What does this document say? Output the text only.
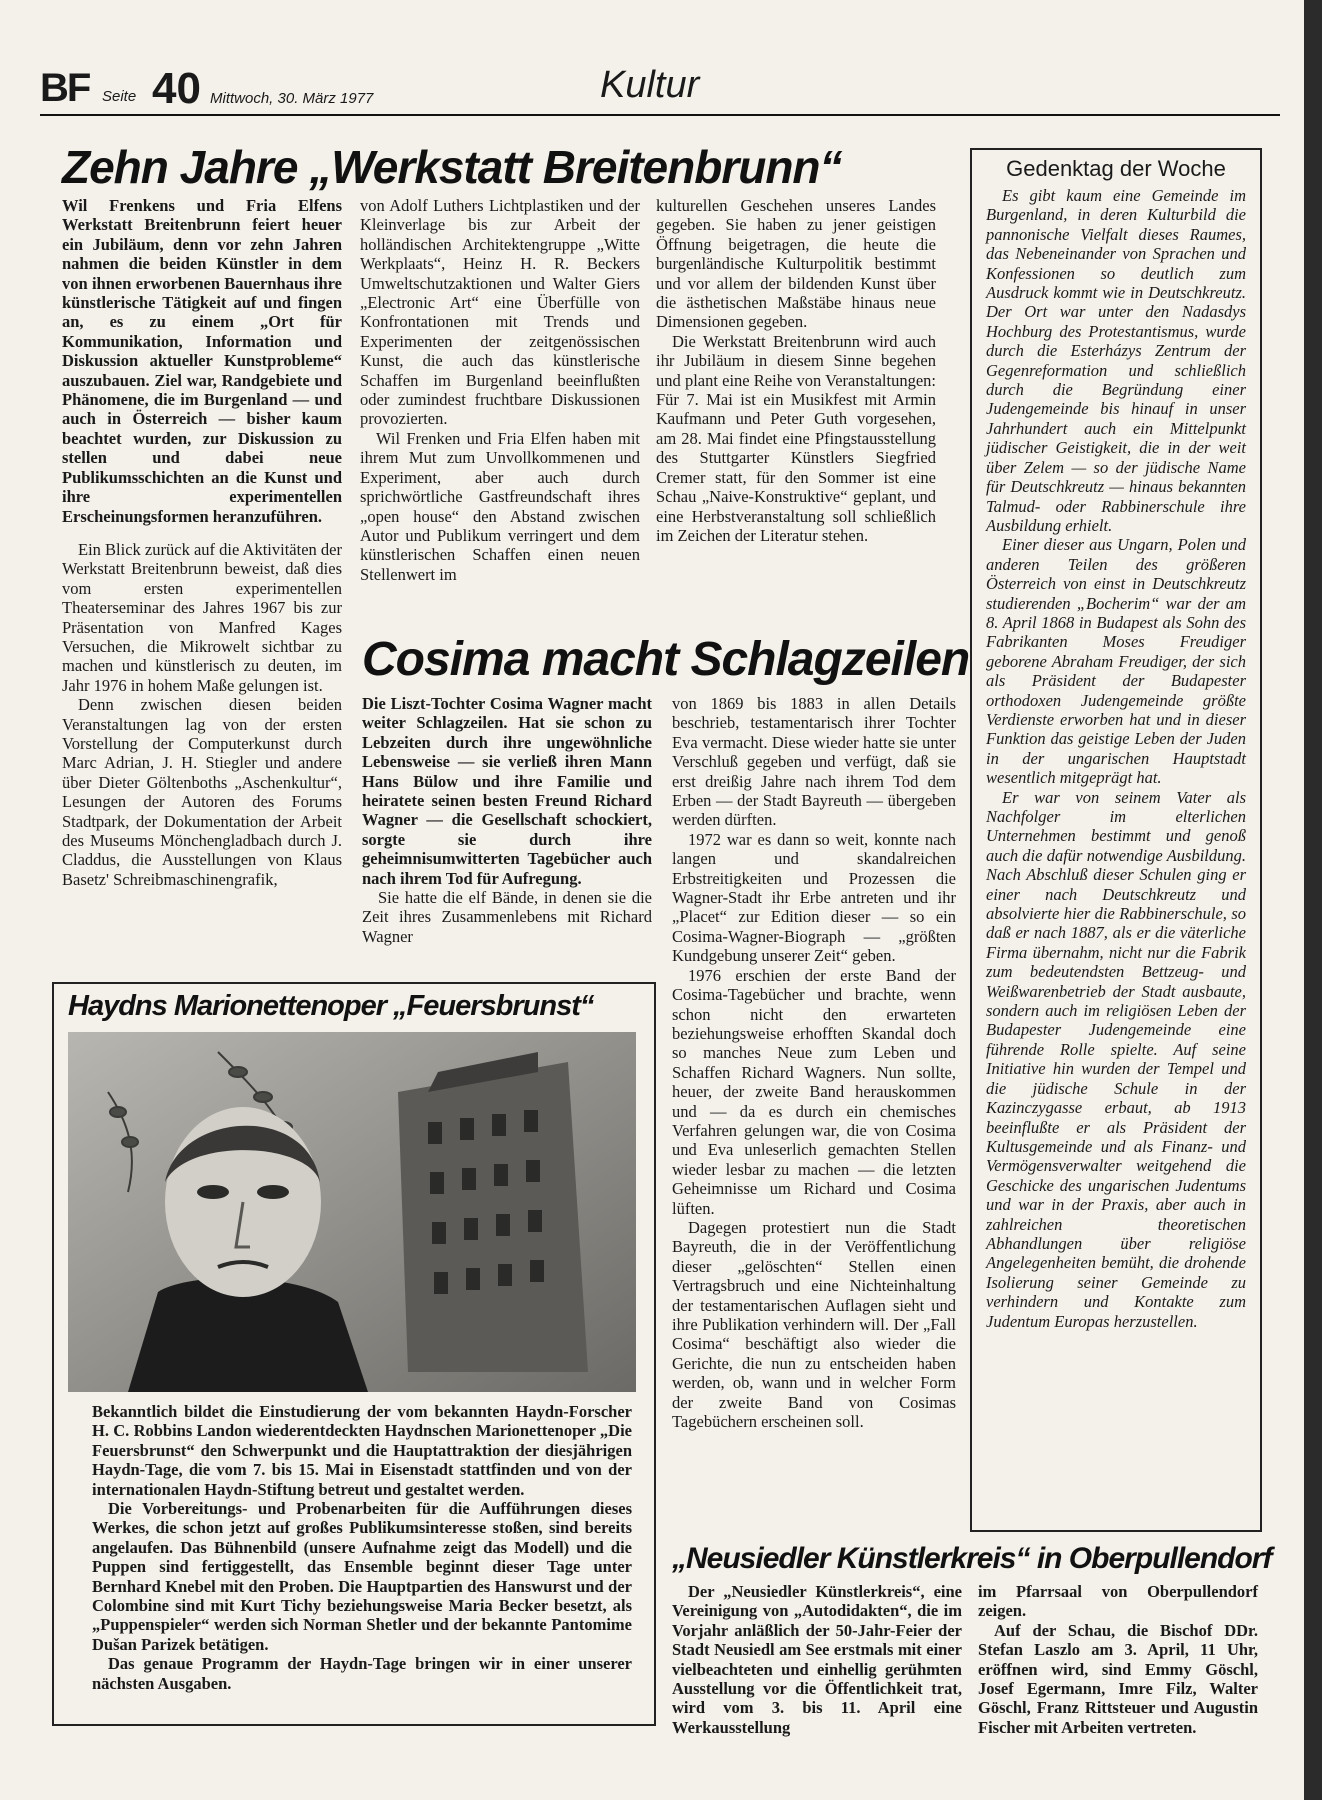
BF Seite 40 Mittwoch, 30. März 1977	Kultur
Zehn Jahre „Werkstatt Breitenbrunn“

Wil Frenkens und Fria Elfens Werkstatt Breitenbrunn feiert heuer ein Jubiläum, denn vor zehn Jahren nahmen die beiden Künstler in dem von ihnen erworbenen Bauernhaus ihre künstlerische Tätigkeit auf und fingen an, es zu einem „Ort für Kommunikation, Information und Diskussion aktueller Kunstprobleme“ auszubauen. Ziel war, Randgebiete und Phänomene, die im Burgenland — und auch in Österreich — bisher kaum beachtet wurden, zur Diskussion zu stellen und dabei neue Publikumsschichten an die Kunst und ihre experimentellen Erscheinungsformen heranzuführen.

Ein Blick zurück auf die Aktivitäten der Werkstatt Breitenbrunn beweist, daß dies vom ersten experimentellen Theaterseminar des Jahres 1967 bis zur Präsentation von Manfred Kages Versuchen, die Mikrowelt sichtbar zu machen und künstlerisch zu deuten, im Jahr 1976 in hohem Maße gelungen ist.

Denn zwischen diesen beiden Veranstaltungen lag von der ersten Vorstellung der Computerkunst durch Marc Adrian, J. H. Stiegler und andere über Dieter Göltenboths „Aschenkultur“, Lesungen der Autoren des Forums Stadtpark, der Dokumentation der Arbeit des Museums Mönchengladbach durch J. Claddus, die Ausstellungen von Klaus Basetz' Schreibmaschinengrafik,

von Adolf Luthers Lichtplastiken und der Kleinverlage bis zur Arbeit der holländischen Architektengruppe „Witte Werkplaats“, Heinz H. R. Beckers Umweltschutzaktionen und Walter Giers „Electronic Art“ eine Überfülle von Konfrontationen mit Trends und Experimenten der zeitgenössischen Kunst, die auch das künstlerische Schaffen im Burgenland beeinflußten oder zumindest fruchtbare Diskussionen provozierten.

Wil Frenken und Fria Elfen haben mit ihrem Mut zum Unvollkommenen und Experiment, aber auch durch sprichwörtliche Gastfreundschaft ihres „open house“ den Abstand zwischen Autor und Publikum verringert und dem künstlerischen Schaffen einen neuen Stellenwert im

kulturellen Geschehen unseres Landes gegeben. Sie haben zu jener geistigen Öffnung beigetragen, die heute die burgenländische Kulturpolitik bestimmt und vor allem der bildenden Kunst über die ästhetischen Maßstäbe hinaus neue Dimensionen gegeben.

Die Werkstatt Breitenbrunn wird auch ihr Jubiläum in diesem Sinne begehen und plant eine Reihe von Veranstaltungen: Für 7. Mai ist ein Musikfest mit Armin Kaufmann und Peter Guth vorgesehen, am 28. Mai findet eine Pfingstausstellung des Stuttgarter Künstlers Siegfried Cremer statt, für den Sommer ist eine Schau „Naive-Konstruktive“ geplant, und eine Herbstveranstaltung soll schließlich im Zeichen der Literatur stehen.

Gedenktag der Woche

Es gibt kaum eine Gemeinde im Burgenland, in deren Kulturbild die pannonische Vielfalt dieses Raumes, das Nebeneinander von Sprachen und Konfessionen so deutlich zum Ausdruck kommt wie in Deutschkreutz. Der Ort war unter den Nadasdys Hochburg des Protestantismus, wurde durch die Esterházys Zentrum der Gegenreformation und schließlich durch die Begründung einer Judengemeinde bis hinauf in unser Jahrhundert auch ein Mittelpunkt jüdischer Geistigkeit, die in der weit über Zelem — so der jüdische Name für Deutschkreutz — hinaus bekannten Talmud- oder Rabbinerschule ihre Ausbildung erhielt.

Einer dieser aus Ungarn, Polen und anderen Teilen des größeren Österreich von einst in Deutschkreutz studierenden „Bocherim“ war der am 8. April 1868 in Budapest als Sohn des Fabrikanten Moses Freudiger geborene Abraham Freudiger, der sich als Präsident der Budapester orthodoxen Judengemeinde größte Verdienste erworben hat und in dieser Funktion das geistige Leben der Juden in der ungarischen Hauptstadt wesentlich mitgeprägt hat.

Er war von seinem Vater als Nachfolger im elterlichen Unternehmen bestimmt und genoß auch die dafür notwendige Ausbildung. Nach Abschluß dieser Schulen ging er einer nach Deutschkreutz und absolvierte hier die Rabbinerschule, so daß er nach 1887, als er die väterliche Firma übernahm, nicht nur die Fabrik zum bedeutendsten Bettzeug- und Weißwarenbetrieb der Stadt ausbaute, sondern auch im religiösen Leben der Budapester Judengemeinde eine führende Rolle spielte. Auf seine Initiative hin wurden der Tempel und die jüdische Schule in der Kazinczygasse erbaut, ab 1913 beeinflußte er als Präsident der Kultusgemeinde und als Finanz- und Vermögensverwalter weitgehend die Geschicke des ungarischen Judentums und war in der Praxis, aber auch in zahlreichen theoretischen Abhandlungen über religiöse Angelegenheiten bemüht, die drohende Isolierung seiner Gemeinde zu verhindern und Kontakte zum Judentum Europas herzustellen.

Cosima macht Schlagzeilen

Die Liszt-Tochter Cosima Wagner macht weiter Schlagzeilen. Hat sie schon zu Lebzeiten durch ihre ungewöhnliche Lebensweise — sie verließ ihren Mann Hans Bülow und ihre Familie und heiratete seinen besten Freund Richard Wagner — die Gesellschaft schockiert, sorgte sie durch ihre geheimnisumwitterten Tagebücher auch nach ihrem Tod für Aufregung.

Sie hatte die elf Bände, in denen sie die Zeit ihres Zusammenlebens mit Richard Wagner

von 1869 bis 1883 in allen Details beschrieb, testamentarisch ihrer Tochter Eva vermacht. Diese wieder hatte sie unter Verschluß gegeben und verfügt, daß sie erst dreißig Jahre nach ihrem Tod dem Erben — der Stadt Bayreuth — übergeben werden dürften.

1972 war es dann so weit, konnte nach langen und skandalreichen Erbstreitigkeiten und Prozessen die Wagner-Stadt ihr Erbe antreten und ihr „Placet“ zur Edition dieser — so ein Cosima-Wagner-Biograph — „größten Kundgebung unserer Zeit“ geben.

1976 erschien der erste Band der Cosima-Tagebücher und brachte, wenn schon nicht den erwarteten beziehungsweise erhofften Skandal doch so manches Neue zum Leben und Schaffen Richard Wagners. Nun sollte, heuer, der zweite Band herauskommen und — da es durch ein chemisches Verfahren gelungen war, die von Cosima und Eva unleserlich gemachten Stellen wieder lesbar zu machen — die letzten Geheimnisse um Richard und Cosima lüften.

Dagegen protestiert nun die Stadt Bayreuth, die in der Veröffentlichung dieser „gelöschten“ Stellen einen Vertragsbruch und eine Nichteinhaltung der testamentarischen Auflagen sieht und ihre Publikation verhindern will. Der „Fall Cosima“ beschäftigt also wieder die Gerichte, die nun zu entscheiden haben werden, ob, wann und in welcher Form der zweite Band von Cosimas Tagebüchern erscheinen soll.

Haydns Marionettenoper „Feuersbrunst“

Bekanntlich bildet die Einstudierung der vom bekannten Haydn-Forscher H. C. Robbins Landon wiederentdeckten Haydnschen Marionettenoper „Die Feuersbrunst“ den Schwerpunkt und die Hauptattraktion der diesjährigen Haydn-Tage, die vom 7. bis 15. Mai in Eisenstadt stattfinden und von der internationalen Haydn-Stiftung betreut und gestaltet werden.

Die Vorbereitungs- und Probenarbeiten für die Aufführungen dieses Werkes, die schon jetzt auf großes Publikumsinteresse stoßen, sind bereits angelaufen. Das Bühnenbild (unsere Aufnahme zeigt das Modell) und die Puppen sind fertiggestellt, das Ensemble beginnt dieser Tage unter Bernhard Knebel mit den Proben. Die Hauptpartien des Hanswurst und der Colombine sind mit Kurt Tichy beziehungsweise Maria Becker besetzt, als „Puppenspieler“ werden sich Norman Shetler und der bekannte Pantomime Dušan Parizek betätigen.

Das genaue Programm der Haydn-Tage bringen wir in einer unserer nächsten Ausgaben.

„Neusiedler Künstlerkreis“ in Oberpullendorf

Der „Neusiedler Künstlerkreis“, eine Vereinigung von „Autodidakten“, die im Vorjahr anläßlich der 50-Jahr-Feier der Stadt Neusiedl am See erstmals mit einer vielbeachteten und einhellig gerühmten Ausstellung vor die Öffentlichkeit trat, wird vom 3. bis 11. April eine Werkausstellung

im Pfarrsaal von Oberpullendorf zeigen.

Auf der Schau, die Bischof DDr. Stefan Laszlo am 3. April, 11 Uhr, eröffnen wird, sind Emmy Göschl, Josef Egermann, Imre Filz, Walter Göschl, Franz Rittsteuer und Augustin Fischer mit Arbeiten vertreten.
